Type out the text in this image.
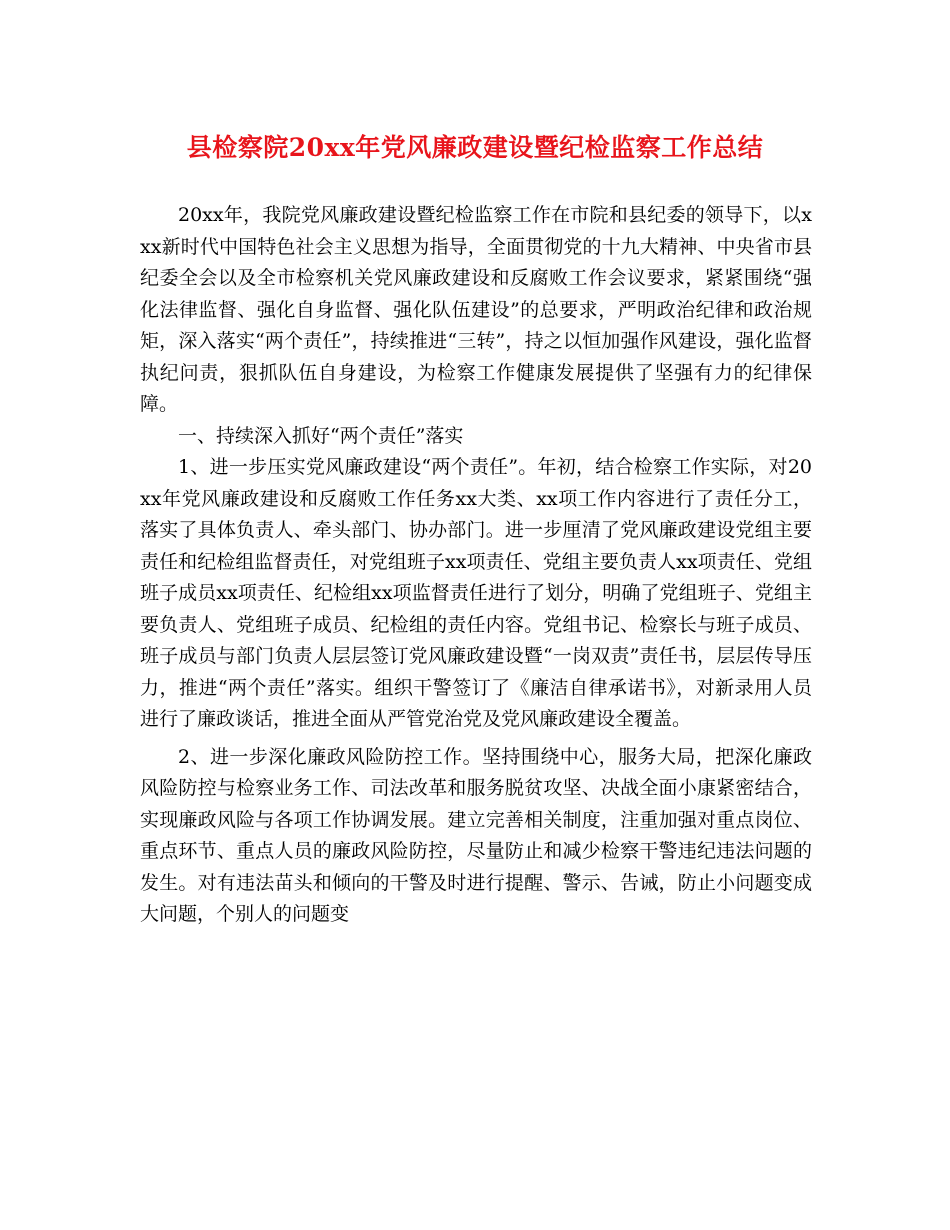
县检察院20xx年党风廉政建设暨纪检监察工作总结

20xx年，我院党风廉政建设暨纪检监察工作在市院和县纪委的领导下，以xxx新时代中国特色社会主义思想为指导，全面贯彻党的十九大精神、中央省市县纪委全会以及全市检察机关党风廉政建设和反腐败工作会议要求，紧紧围绕“强化法律监督、强化自身监督、强化队伍建设”的总要求，严明政治纪律和政治规矩，深入落实“两个责任”，持续推进“三转”，持之以恒加强作风建设，强化监督执纪问责，狠抓队伍自身建设，为检察工作健康发展提供了坚强有力的纪律保障。

一、持续深入抓好“两个责任”落实

1、进一步压实党风廉政建设“两个责任”。年初，结合检察工作实际，对20xx年党风廉政建设和反腐败工作任务xx大类、xx项工作内容进行了责任分工，落实了具体负责人、牵头部门、协办部门。进一步厘清了党风廉政建设党组主要责任和纪检组监督责任，对党组班子xx项责任、党组主要负责人xx项责任、党组班子成员xx项责任、纪检组xx项监督责任进行了划分，明确了党组班子、党组主要负责人、党组班子成员、纪检组的责任内容。党组书记、检察长与班子成员、班子成员与部门负责人层层签订党风廉政建设暨“一岗双责”责任书，层层传导压力，推进“两个责任”落实。组织干警签订了《廉洁自律承诺书》，对新录用人员进行了廉政谈话，推进全面从严管党治党及党风廉政建设全覆盖。

2、进一步深化廉政风险防控工作。坚持围绕中心，服务大局，把深化廉政风险防控与检察业务工作、司法改革和服务脱贫攻坚、决战全面小康紧密结合，实现廉政风险与各项工作协调发展。建立完善相关制度，注重加强对重点岗位、重点环节、重点人员的廉政风险防控，尽量防止和减少检察干警违纪违法问题的发生。对有违法苗头和倾向的干警及时进行提醒、警示、告诫，防止小问题变成大问题，个别人的问题变
